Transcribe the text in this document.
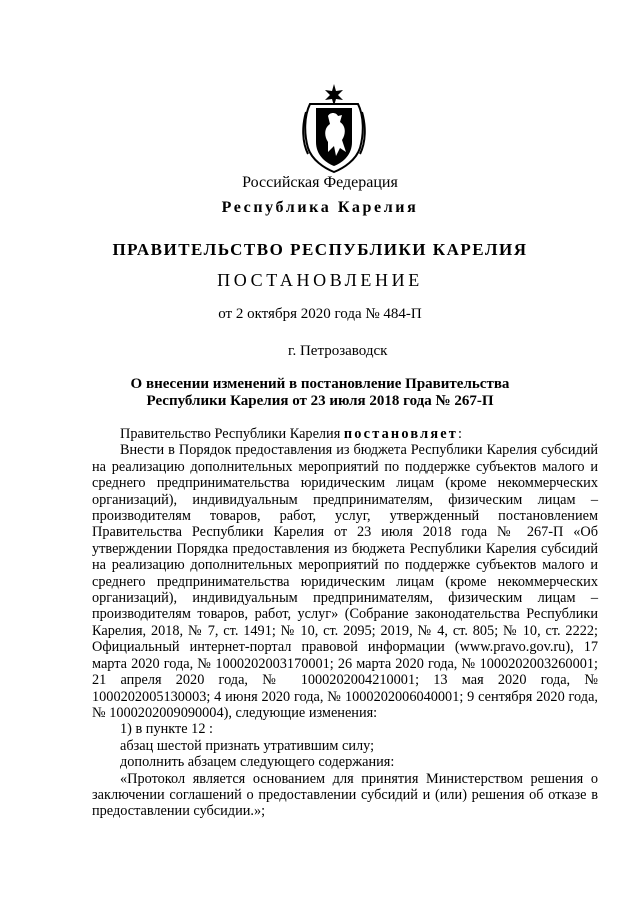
Российская Федерация
Республика Карелия
ПРАВИТЕЛЬСТВО РЕСПУБЛИКИ КАРЕЛИЯ
ПОСТАНОВЛЕНИЕ
от 2 октября 2020 года № 484-П
г. Петрозаводск
О внесении изменений в постановление Правительства
Республики Карелия от 23 июля 2018 года № 267-П

Правительство Республики Карелия постановляет:

Внести в Порядок предоставления из бюджета Республики Карелия субсидий на реализацию дополнительных мероприятий по поддержке субъектов малого и среднего предпринимательства юридическим лицам (кроме некоммерческих организаций), индивидуальным предпринимателям, физическим лицам – производителям товаров, работ, услуг, утвержденный постановлением Правительства Республики Карелия от 23 июля 2018 года № 267-П «Об утверждении Порядка предоставления из бюджета Республики Карелия субсидий на реализацию дополнительных мероприятий по поддержке субъектов малого и среднего предпринимательства юридическим лицам (кроме некоммерческих организаций), индивидуальным предпринимателям, физическим лицам – производителям товаров, работ, услуг» (Собрание законодательства Республики Карелия, 2018, № 7, ст. 1491; № 10, ст. 2095; 2019, № 4, ст. 805; № 10, ст. 2222; Официальный интернет-портал правовой информации (www.pravo.gov.ru), 17 марта 2020 года, № 1000202003170001; 26 марта 2020 года, № 1000202003260001; 21 апреля 2020 года, № 1000202004210001; 13 мая 2020 года, № 1000202005130003; 4 июня 2020 года, № 1000202006040001; 9 сентября 2020 года, № 1000202009090004), следующие изменения:

1) в пункте 12 :

абзац шестой признать утратившим силу;

дополнить абзацем следующего содержания:

«Протокол является основанием для принятия Министерством решения о заключении соглашений о предоставлении субсидий и (или) решения об отказе в предоставлении субсидии.»;
